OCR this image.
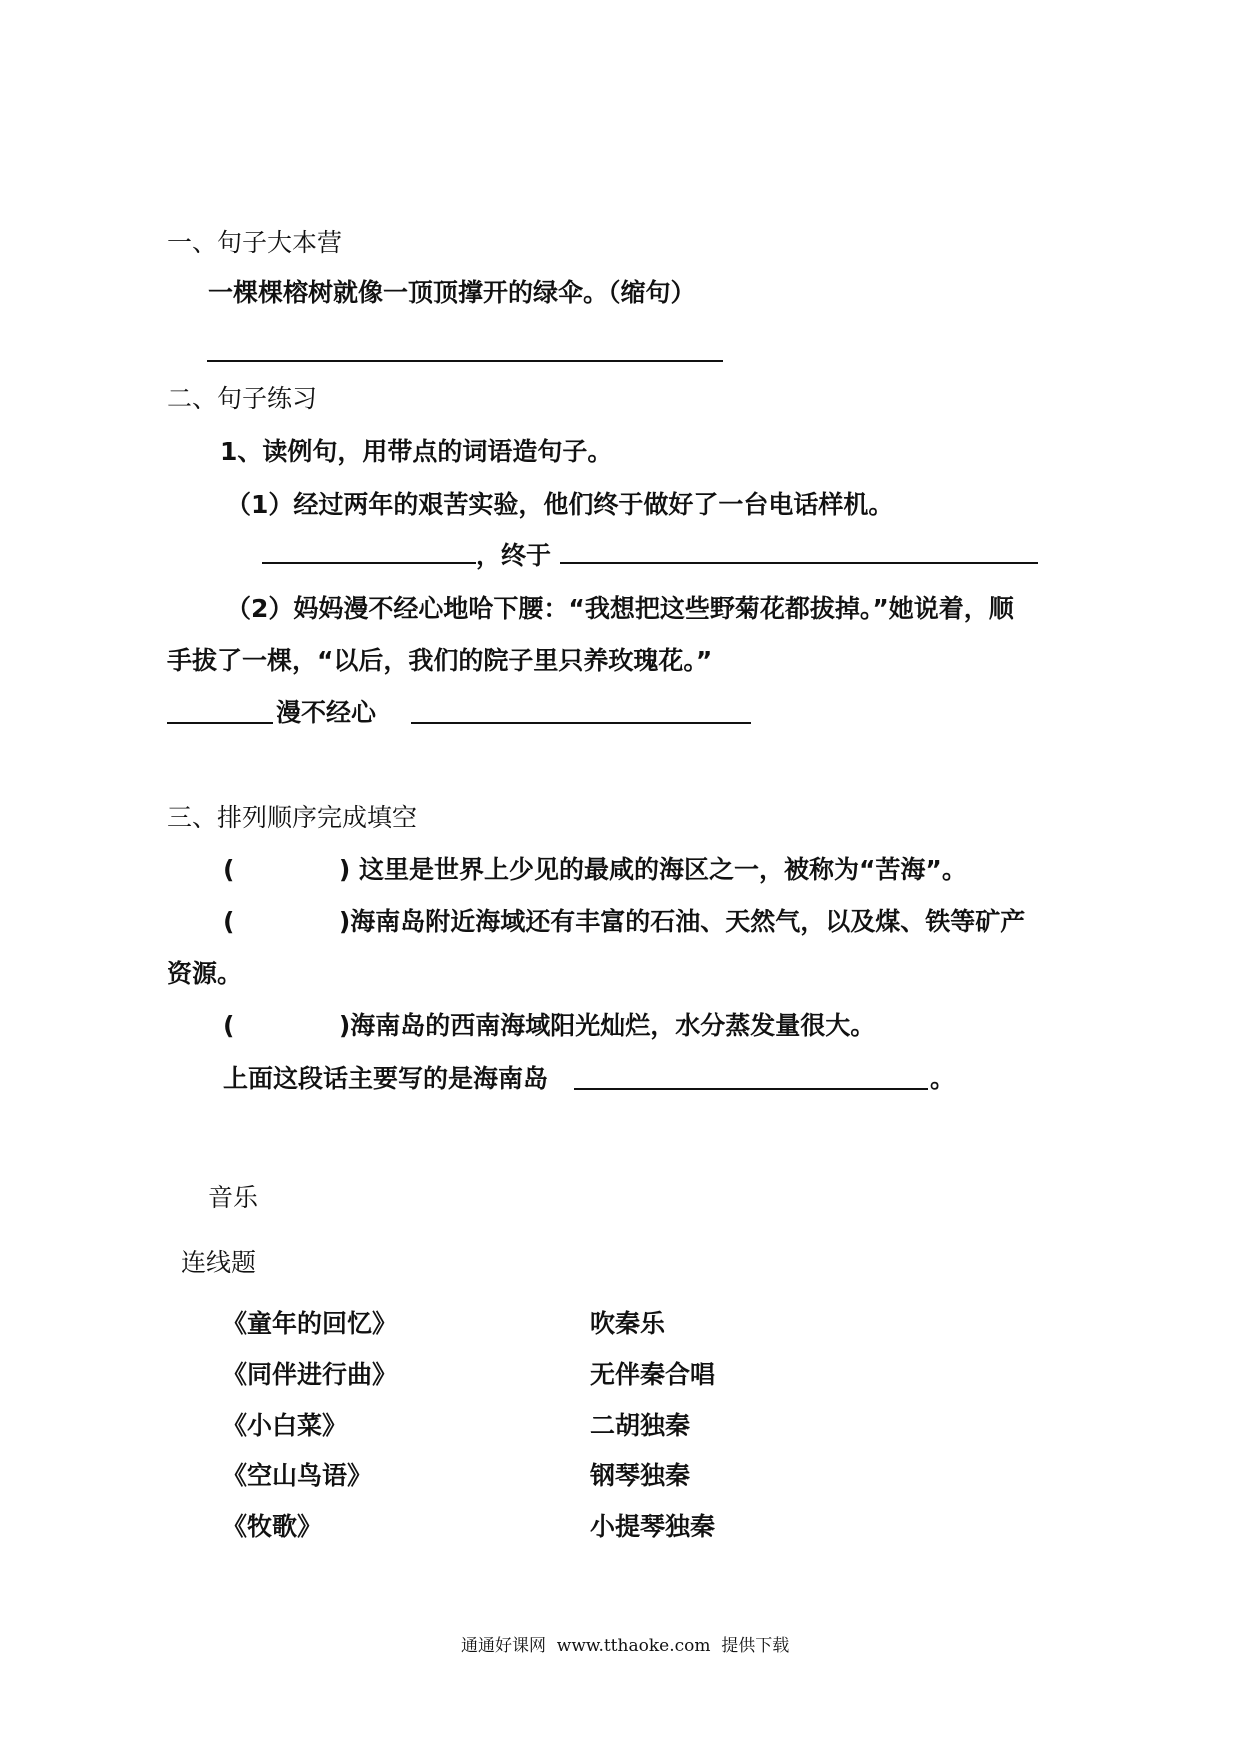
一、句子大本营
一棵棵榕树就像一顶顶撑开的绿伞。（缩句）
二、句子练习
1、读例句，用带点的词语造句子。
（1）经过两年的艰苦实验，他们终于做好了一台电话样机。
，终于
（2）妈妈漫不经心地哈下腰：“我想把这些野菊花都拔掉。”她说着，顺
手拔了一棵，“以后，我们的院子里只养玫瑰花。”
漫不经心
三、排列顺序完成填空
(            ) 这里是世界上少见的最咸的海区之一，被称为“苦海”。
(            )海南岛附近海域还有丰富的石油、天然气，以及煤、铁等矿产
资源。
(            )海南岛的西南海域阳光灿烂，水分蒸发量很大。
上面这段话主要写的是海南岛	。
音乐
连线题
《童年的回忆》
《同伴进行曲》
《小白菜》
《空山鸟语》
《牧歌》
吹秦乐
无伴秦合唱
二胡独秦
钢琴独秦
小提琴独秦
通通好课网  www.tthaoke.com  提供下载
